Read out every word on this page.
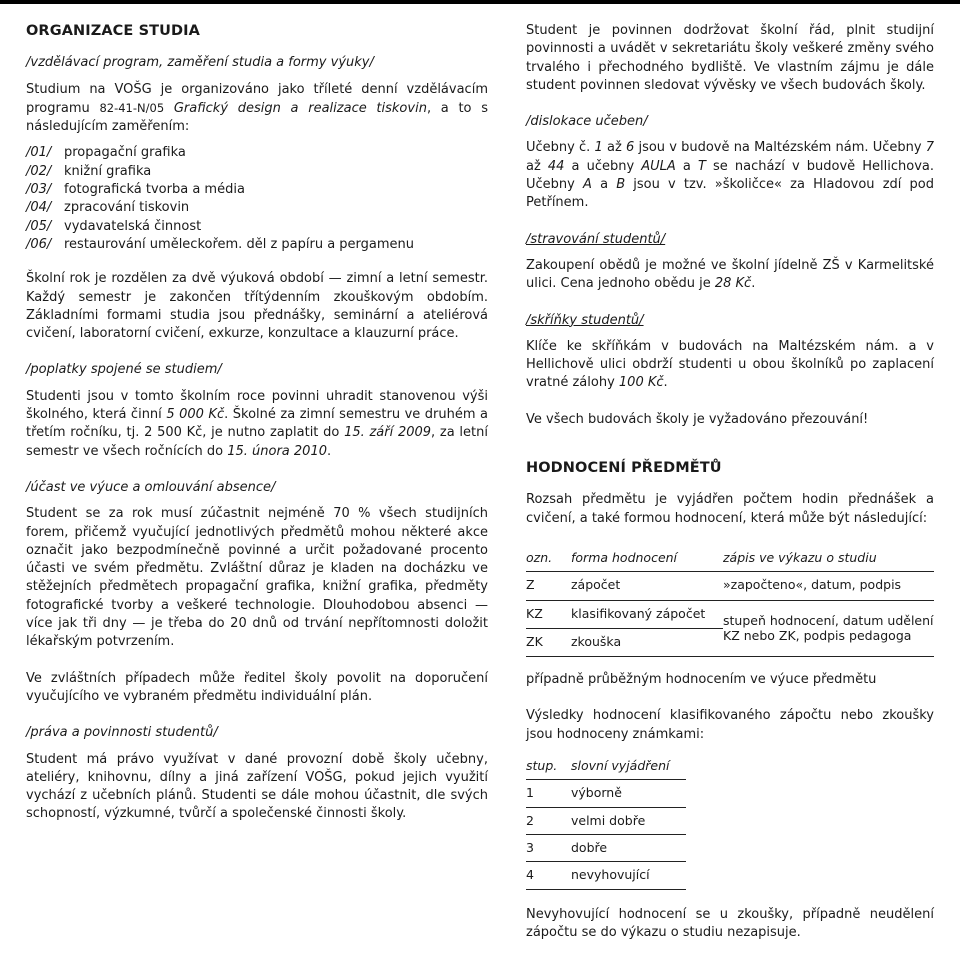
ORGANIZACE STUDIA
/vzdělávací program, zaměření studia a formy výuky/

Studium na VOŠG je organizováno jako tříleté denní vzdělávacím programu 82-41-N/05 Grafický design a realizace tiskovin, a to s následujícím zaměřením:

/01/ propagační grafika
/02/ knižní grafika
/03/ fotografická tvorba a média
/04/ zpracování tiskovin
/05/ vydavatelská činnost
/06/ restaurování uměleckořem. děl z papíru a pergamenu

Školní rok je rozdělen za dvě výuková období — zimní a letní semestr. Každý semestr je zakončen třítýdenním zkouškovým obdobím. Základními formami studia jsou přednášky, seminární a ateliérová cvičení, laboratorní cvičení, exkurze, konzultace a klauzurní práce.

/poplatky spojené se studiem/

Studenti jsou v tomto školním roce povinni uhradit stanovenou výši školného, která činní 5 000 Kč. Školné za zimní semestru ve druhém a třetím ročníku, tj. 2 500 Kč, je nutno zaplatit do 15. září 2009, za letní semestr ve všech ročnících do 15. února 2010.

/účast ve výuce a omlouvání absence/

Student se za rok musí zúčastnit nejméně 70 % všech studijních forem, přičemž vyučující jednotlivých předmětů mohou některé akce označit jako bezpodmínečně povinné a určit požadované procento účasti ve svém předmětu. Zvláštní důraz je kladen na docházku ve stěžejních předmětech propagační grafika, knižní grafika, předměty fotografické tvorby a veškeré technologie. Dlouhodobou absenci — více jak tři dny — je třeba do 20 dnů od trvání nepřítomnosti doložit lékařským potvrzením.

Ve zvláštních případech může ředitel školy povolit na doporučení vyučujícího ve vybraném předmětu individuální plán.

/práva a povinnosti studentů/

Student má právo využívat v dané provozní době školy učebny, ateliéry, knihovnu, dílny a jiná zařízení VOŠG, pokud jejich využití vychází z učebních plánů. Studenti se dále mohou účastnit, dle svých schopností, výzkumné, tvůrčí a společenské činnosti školy.

Student je povinnen dodržovat školní řád, plnit studijní povinnosti a uvádět v sekretariátu školy veškeré změny svého trvalého i přechodného bydliště. Ve vlastním zájmu je dále student povinnen sledovat vývěsky ve všech budovách školy.

/dislokace učeben/

Učebny č. 1 až 6 jsou v budově na Maltézském nám. Učebny 7 až 44 a učebny AULA a T se nachází v budově Hellichova. Učebny A a B jsou v tzv. »školičce« za Hladovou zdí pod Petřínem.

/stravování studentů/

Zakoupení obědů je možné ve školní jídelně ZŠ v Karmelitské ulici. Cena jednoho obědu je 28 Kč.

/skříňky studentů/

Klíče ke skříňkám v budovách na Maltézském nám. a v Hellichově ulici obdrží studenti u obou školníků po zaplacení vratné zálohy 100 Kč.

Ve všech budovách školy je vyžadováno přezouvání!

HODNOCENÍ PŘEDMĚTŮ

Rozsah předmětu je vyjádřen počtem hodin přednášek a cvičení, a také formou hodnocení, která může být následující:

ozn.	forma hodnocení	zápis ve výkazu o studiu
Z	zápočet	»započteno«, datum, podpis
KZ	klasifikovaný zápočet	stupeň hodnocení, datum udělení KZ nebo ZK, podpis pedagoga
ZK	zkouška	

případně průběžným hodnocením ve výuce předmětu

Výsledky hodnocení klasifikovaného zápočtu nebo zkoušky jsou hodnoceny známkami:

stup.	slovní vyjádření
1	výborně
2	velmi dobře
3	dobře
4	nevyhovující

Nevyhovující hodnocení se u zkoušky, případně neudělení zápočtu se do výkazu o studiu nezapisuje.
